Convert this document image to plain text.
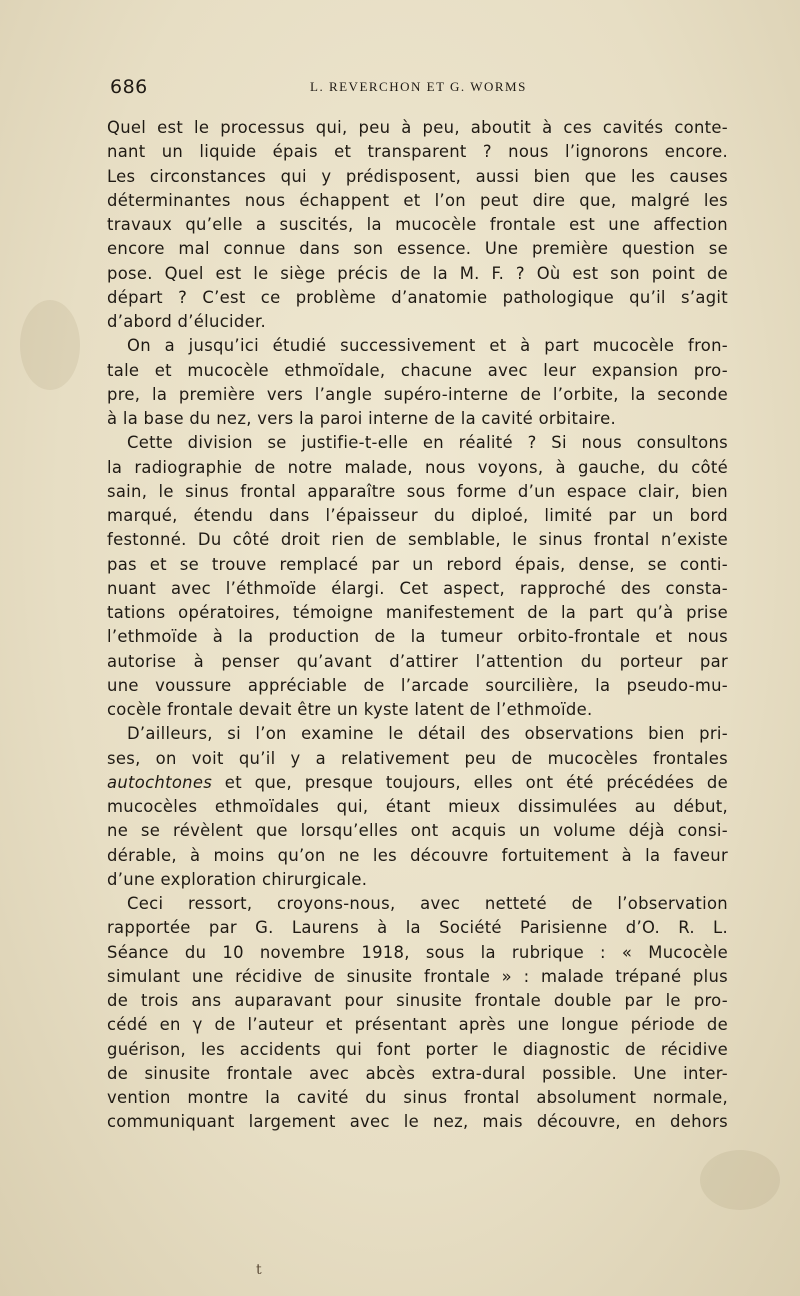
686	L. REVERCHON ET G. WORMS
Quel est le processus qui, peu à peu, aboutit à ces cavités conte-
nant un liquide épais et transparent ? nous l’ignorons encore.
Les circonstances qui y prédisposent, aussi bien que les causes
déterminantes nous échappent et l’on peut dire que, malgré les
travaux qu’elle a suscités, la mucocèle frontale est une affection
encore mal connue dans son essence. Une première question se
pose. Quel est le siège précis de la M. F. ? Où est son point de
départ ? C’est ce problème d’anatomie pathologique qu’il s’agit
d’abord d’élucider.
On a jusqu’ici étudié successivement et à part mucocèle fron-
tale et mucocèle ethmoïdale, chacune avec leur expansion pro-
pre, la première vers l’angle supéro-interne de l’orbite, la seconde
à la base du nez, vers la paroi interne de la cavité orbitaire.
Cette division se justifie-t-elle en réalité ? Si nous consultons
la radiographie de notre malade, nous voyons, à gauche, du côté
sain, le sinus frontal apparaître sous forme d’un espace clair, bien
marqué, étendu dans l’épaisseur du diploé, limité par un bord
festonné. Du côté droit rien de semblable, le sinus frontal n’existe
pas et se trouve remplacé par un rebord épais, dense, se conti-
nuant avec l’éthmoïde élargi. Cet aspect, rapproché des consta-
tations opératoires, témoigne manifestement de la part qu’à prise
l’ethmoïde à la production de la tumeur orbito-frontale et nous
autorise à penser qu’avant d’attirer l’attention du porteur par
une voussure appréciable de l’arcade sourcilière, la pseudo-mu-
cocèle frontale devait être un kyste latent de l’ethmoïde.
D’ailleurs, si l’on examine le détail des observations bien pri-
ses, on voit qu’il y a relativement peu de mucocèles frontales
autochtones et que, presque toujours, elles ont été précédées de
mucocèles ethmoïdales qui, étant mieux dissimulées au début,
ne se révèlent que lorsqu’elles ont acquis un volume déjà consi-
dérable, à moins qu’on ne les découvre fortuitement à la faveur
d’une exploration chirurgicale.
Ceci ressort, croyons-nous, avec netteté de l’observation
rapportée par G. Laurens à la Société Parisienne d’O. R. L.
Séance du 10 novembre 1918, sous la rubrique : « Mucocèle
simulant une récidive de sinusite frontale » : malade trépané plus
de trois ans auparavant pour sinusite frontale double par le pro-
cédé en γ de l’auteur et présentant après une longue période de
guérison, les accidents qui font porter le diagnostic de récidive
de sinusite frontale avec abcès extra-dural possible. Une inter-
vention montre la cavité du sinus frontal absolument normale,
communiquant largement avec le nez, mais découvre, en dehors
t
